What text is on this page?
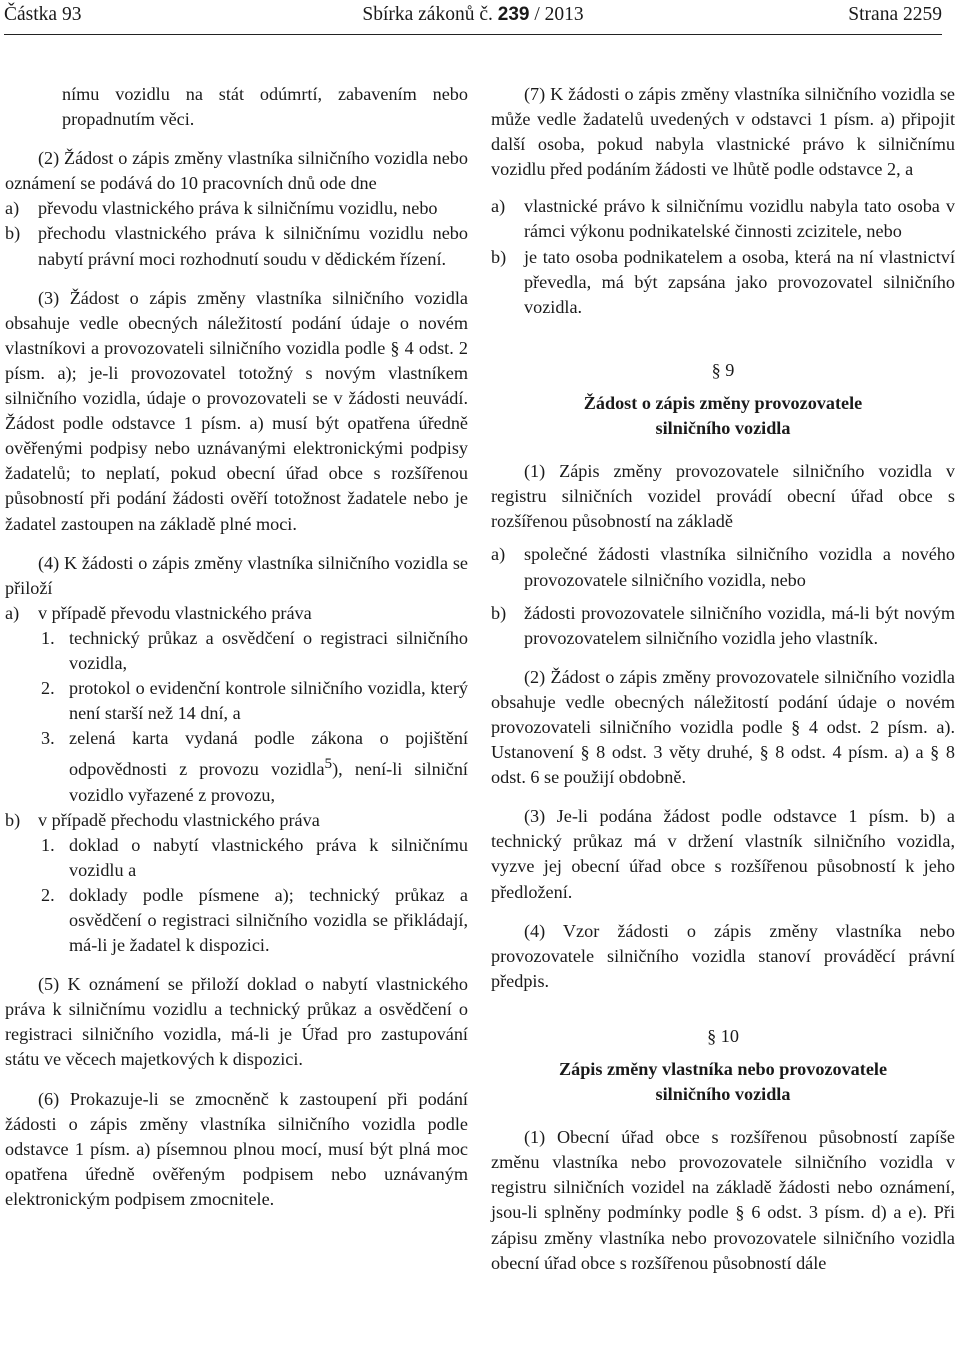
Částka 93	Sbírka zákonů č. 239 / 2013	Strana 2259

nímu vozidlu na stát odúmrtí, zabavením nebo propadnutím věci.

(2) Žádost o zápis změny vlastníka silničního vozidla nebo oznámení se podává do 10 pracovních dnů ode dne

a) převodu vlastnického práva k silničnímu vozidlu, nebo
b) přechodu vlastnického práva k silničnímu vozidlu nebo nabytí právní moci rozhodnutí soudu v dědickém řízení.

(3) Žádost o zápis změny vlastníka silničního vozidla obsahuje vedle obecných náležitostí podání údaje o novém vlastníkovi a provozovateli silničního vozidla podle § 4 odst. 2 písm. a); je-li provozovatel totožný s novým vlastníkem silničního vozidla, údaje o provozovateli se v žádosti neuvádí. Žádost podle odstavce 1 písm. a) musí být opatřena úředně ověřenými podpisy nebo uznávanými elektronickými podpisy žadatelů; to neplatí, pokud obecní úřad obce s rozšířenou působností při podání žádosti ověří totožnost žadatele nebo je žadatel zastoupen na základě plné moci.

(4) K žádosti o zápis změny vlastníka silničního vozidla se přiloží

a) v případě převodu vlastnického práva
1. technický průkaz a osvědčení o registraci silničního vozidla,
2. protokol o evidenční kontrole silničního vozidla, který není starší než 14 dní, a
3. zelená karta vydaná podle zákona o pojištění odpovědnosti z provozu vozidla$^5$), není-li silniční vozidlo vyřazené z provozu,
b) v případě přechodu vlastnického práva
1. doklad o nabytí vlastnického práva k silničnímu vozidlu a
2. doklady podle písmene a); technický průkaz a osvědčení o registraci silničního vozidla se přikládají, má-li je žadatel k dispozici.

(5) K oznámení se přiloží doklad o nabytí vlastnického práva k silničnímu vozidlu a technický průkaz a osvědčení o registraci silničního vozidla, má-li je Úřad pro zastupování státu ve věcech majetkových k dispozici.

(6) Prokazuje-li se zmocněnč k zastoupení při podání žádosti o zápis změny vlastníka silničního vozidla podle odstavce 1 písm. a) písemnou plnou mocí, musí být plná moc opatřena úředně ověřeným podpisem nebo uznávaným elektronickým podpisem zmocnitele.

(7) K žádosti o zápis změny vlastníka silničního vozidla se může vedle žadatelů uvedených v odstavci 1 písm. a) připojit další osoba, pokud nabyla vlastnické právo k silničnímu vozidlu před podáním žádosti ve lhůtě podle odstavce 2, a

a) vlastnické právo k silničnímu vozidlu nabyla tato osoba v rámci výkonu podnikatelské činnosti zcizitele, nebo
b) je tato osoba podnikatelem a osoba, která na ní vlastnictví převedla, má být zapsána jako provozovatel silničního vozidla.

§ 9

Žádost o zápis změny provozovatele

silničního vozidla

(1) Zápis změny provozovatele silničního vozidla v registru silničních vozidel provádí obecní úřad obce s rozšířenou působností na základě

a) společné žádosti vlastníka silničního vozidla a nového provozovatele silničního vozidla, nebo
b) žádosti provozovatele silničního vozidla, má-li být novým provozovatelem silničního vozidla jeho vlastník.

(2) Žádost o zápis změny provozovatele silničního vozidla obsahuje vedle obecných náležitostí podání údaje o novém provozovateli silničního vozidla podle § 4 odst. 2 písm. a). Ustanovení § 8 odst. 3 věty druhé, § 8 odst. 4 písm. a) a § 8 odst. 6 se použijí obdobně.

(3) Je-li podána žádost podle odstavce 1 písm. b) a technický průkaz má v držení vlastník silničního vozidla, vyzve jej obecní úřad obce s rozšířenou působností k jeho předložení.

(4) Vzor žádosti o zápis změny vlastníka nebo provozovatele silničního vozidla stanoví prováděcí právní předpis.

§ 10

Zápis změny vlastníka nebo provozovatele

silničního vozidla

(1) Obecní úřad obce s rozšířenou působností zapíše změnu vlastníka nebo provozovatele silničního vozidla v registru silničních vozidel na základě žádosti nebo oznámení, jsou-li splněny podmínky podle § 6 odst. 3 písm. d) a e). Při zápisu změny vlastníka nebo provozovatele silničního vozidla obecní úřad obce s rozšířenou působností dále
